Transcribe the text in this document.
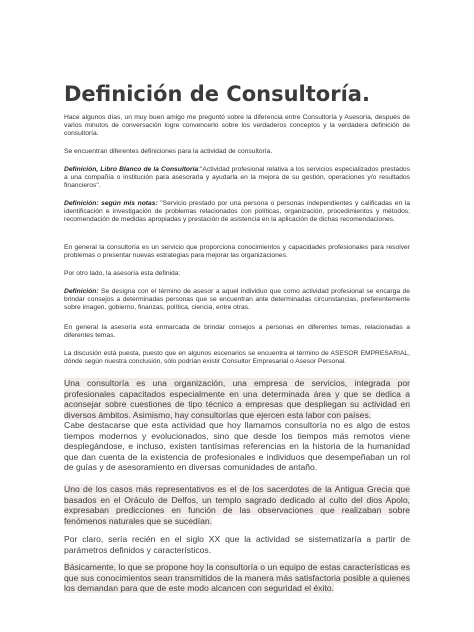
Definición de Consultoría.

Hace algunos días, un muy buen amigo me preguntó sobre la diferencia entre Consultoría y Asesoría, después de varios minutos de conversación logre convencerlo sobre los verdaderos conceptos y la verdadera definición de consultoría.

Se encuentran diferentes definiciones para la actividad de consultoría.

Definición, Libro Blanco de la Consultoría:"Actividad profesional relativa a los servicios especializados prestados a una compañía o institución para asesorarla y ayudarla en la mejora de su gestión, operaciones y/o resultados financieros".

Definición: según mis notas: "Servicio prestado por una persona o personas independientes y calificadas en la identificación e investigación de problemas relacionados con políticas, organización, procedimientos y métodos; recomendación de medidas apropiadas y prestación de asistencia en la aplicación de dichas recomendaciones.

En general la consultoría es un servicio que proporciona conocimientos y capacidades profesionales para resolver problemas o presentar nuevas estrategias para mejorar las organizaciones.

Por otro lado, la asesoría esta definida:

Definición: Se designa con el término de asesor a aquel individuo que como actividad profesional se encarga de brindar consejos a determinadas personas que se encuentran ante determinadas circunstancias, preferentemente sobre imagen, gobierno, finanzas, política, ciencia, entre otras.

En general la asesoría está enmarcada de brindar consejos a personas en diferentes temas, relacionadas a diferentes temas.

La discusión está puesta, puesto que en algunos escenarios se encuentra el término de ASESOR EMPRESARIAL, dónde según nuestra conclusión, sólo podrían existir Consultor Empresarial o Asesor Personal.

Una consultoría es una organización, una empresa de servicios, integrada por profesionales capacitados especialmente en una determinada área y que se dedica a aconsejar sobre cuestiones de tipo técnico a empresas que despliegan su actividad en diversos ámbitos. Asimismo, hay consultorías que ejercen esta labor con países.

Cabe destacarse que esta actividad que hoy llamamos consultoría no es algo de estos tiempos modernos y evolucionados, sino que desde los tiempos más remotos viene desplegándose, e incluso, existen tantísimas referencias en la historia de la humanidad que dan cuenta de la existencia de profesionales e individuos que desempeñaban un rol de guías y de asesoramiento en diversas comunidades de antaño.

Uno de los casos más representativos es el de los sacerdotes de la Antigua Grecia que basados en el Oráculo de Delfos, un templo sagrado dedicado al culto del dios Apolo, expresaban predicciones en función de las observaciones que realizaban sobre fenómenos naturales que se sucedían.

Por claro, sería recién en el siglo XX que la actividad se sistematizaría a partir de parámetros definidos y característicos.

Básicamente, lo que se propone hoy la consultoría o un equipo de estas características es que sus conocimientos sean transmitidos de la manera más satisfactoria posible a quienes los demandan para que de este modo alcancen con seguridad el éxito.
